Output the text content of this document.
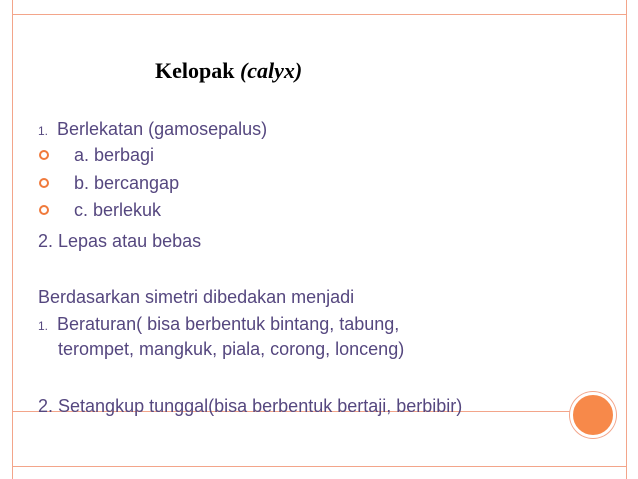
Kelopak (calyx)
1. Berlekatan (gamosepalus)
a. berbagi
b. bercangap
c. berlekuk
2. Lepas atau bebas
Berdasarkan simetri dibedakan menjadi
1. Beraturan( bisa berbentuk bintang, tabung,
terompet, mangkuk, piala, corong, lonceng)
2. Setangkup tunggal(bisa berbentuk bertaji, berbibir)
